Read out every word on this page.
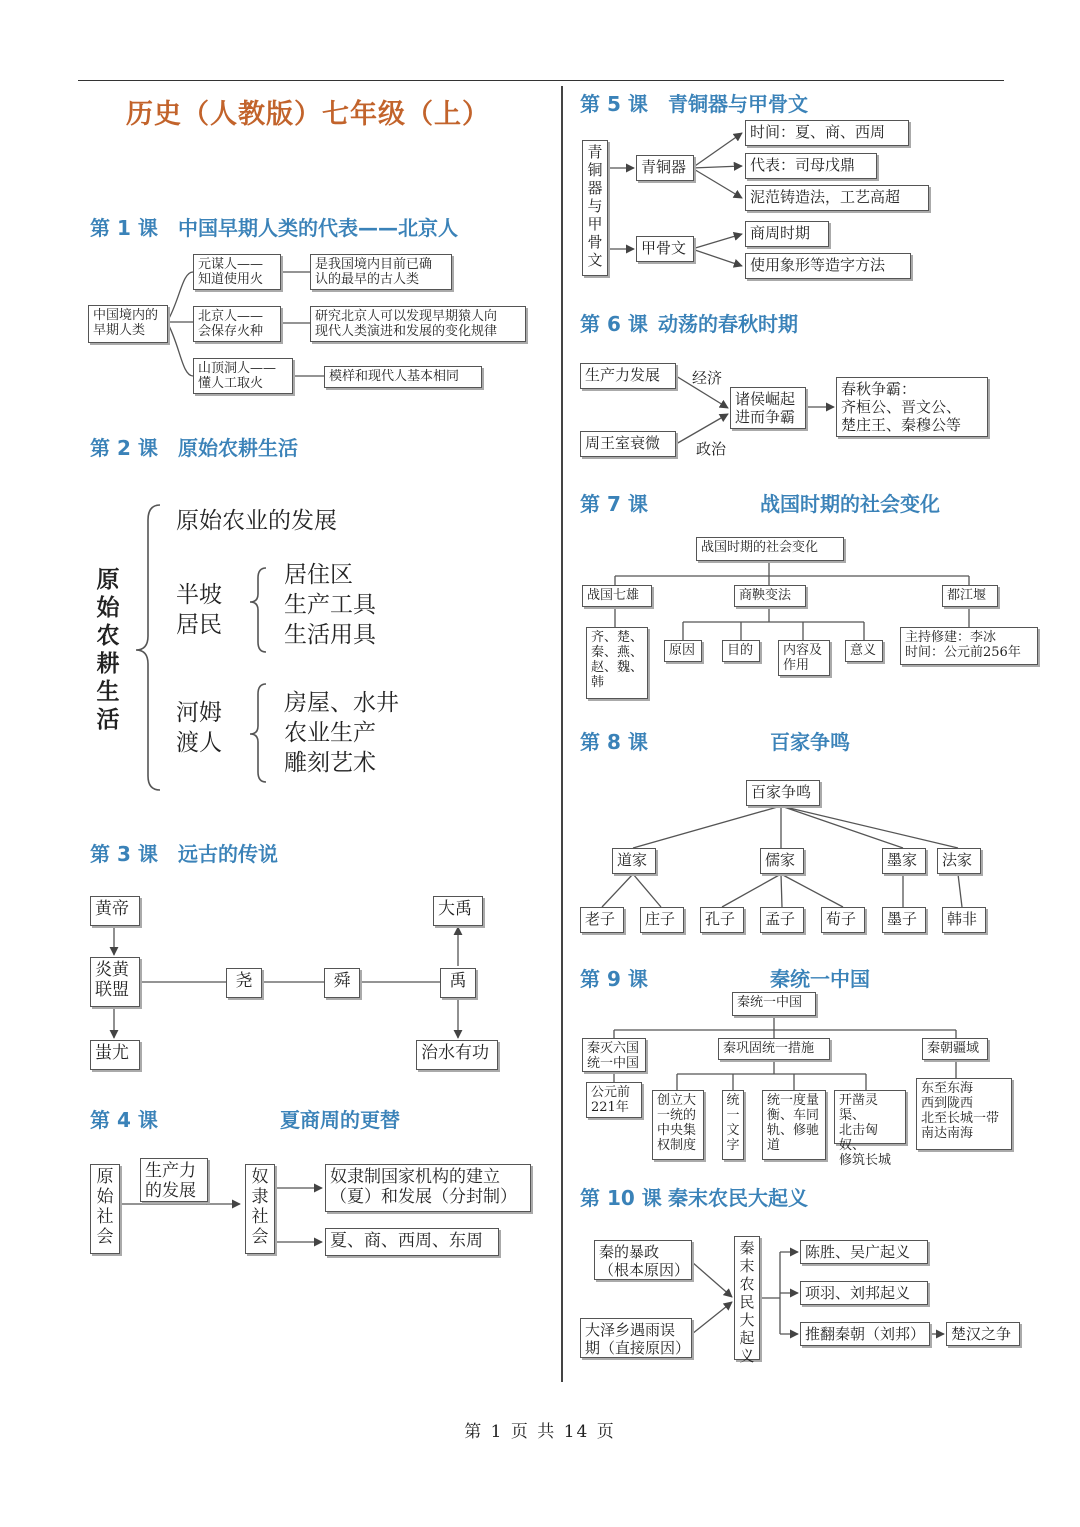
历史（人教版）七年级（上）
第 1 课 中国早期人类的代表——北京人
中国境内的
早期人类
元谋人——
知道使用火
是我国境内目前已确
认的最早的古人类
北京人——
会保存火种
研究北京人可以发现早期猿人向
现代人类演进和发展的变化规律
山顶洞人——
懂人工取火	模样和现代人基本相同
第 2 课 原始农耕生活
原
始
农
耕
生
活
原始农业的发展
半坡
居民
居住区
生产工具
生活用具
河姆
渡人
房屋、水井
农业生产
雕刻艺术
第 3 课 远古的传说
黄帝
炎黄
联盟
蚩尤
尧	舜	禹
大禹
治水有功
第 4 课	夏商周的更替
原
始
社
会
生产力
的发展
奴
隶
社
会
奴隶制国家机构的建立
（夏）和发展（分封制）
夏、商、西周、东周
第 5 课 青铜器与甲骨文
青
铜
器
与
甲
骨
文
青铜器
甲骨文
时间：夏、商、西周
代表：司母戊鼎
泥范铸造法，工艺高超
商周时期
使用象形等造字方法
第 6 课 动荡的春秋时期
生产力发展
周王室衰微
经济
政治
诸侯崛起
进而争霸
春秋争霸：
齐桓公、晋文公、
楚庄王、秦穆公等
第 7 课	战国时期的社会变化
战国时期的社会变化
战国七雄
齐、楚、
秦、燕、
赵、魏、
韩
商鞅变法
原因	目的	内容及
作用
意义
都江堰
主持修建：李冰
时间：公元前256年
第 8 课	百家争鸣
百家争鸣
道家	儒家	墨家	法家
老子	庄子	孔子	孟子	荀子	墨子	韩非
第 9 课	秦统一中国
秦统一中国
秦灭六国
统一中国
公元前
221年
秦巩固统一措施
创立大
一统的
中央集
权制度
统
一
文
字
统一度量
衡、车同
轨、修驰
道
开凿灵渠、
北击匈奴、
修筑长城
秦朝疆域
东至东海
西到陇西
北至长城一带
南达南海
第 10 课 秦末农民大起义
秦的暴政
（根本原因）
大泽乡遇雨误
期（直接原因）
秦
末
农
民
大
起
义
陈胜、吴广起义
项羽、刘邦起义
推翻秦朝（刘邦）	楚汉之争
第 1 页 共 14 页
